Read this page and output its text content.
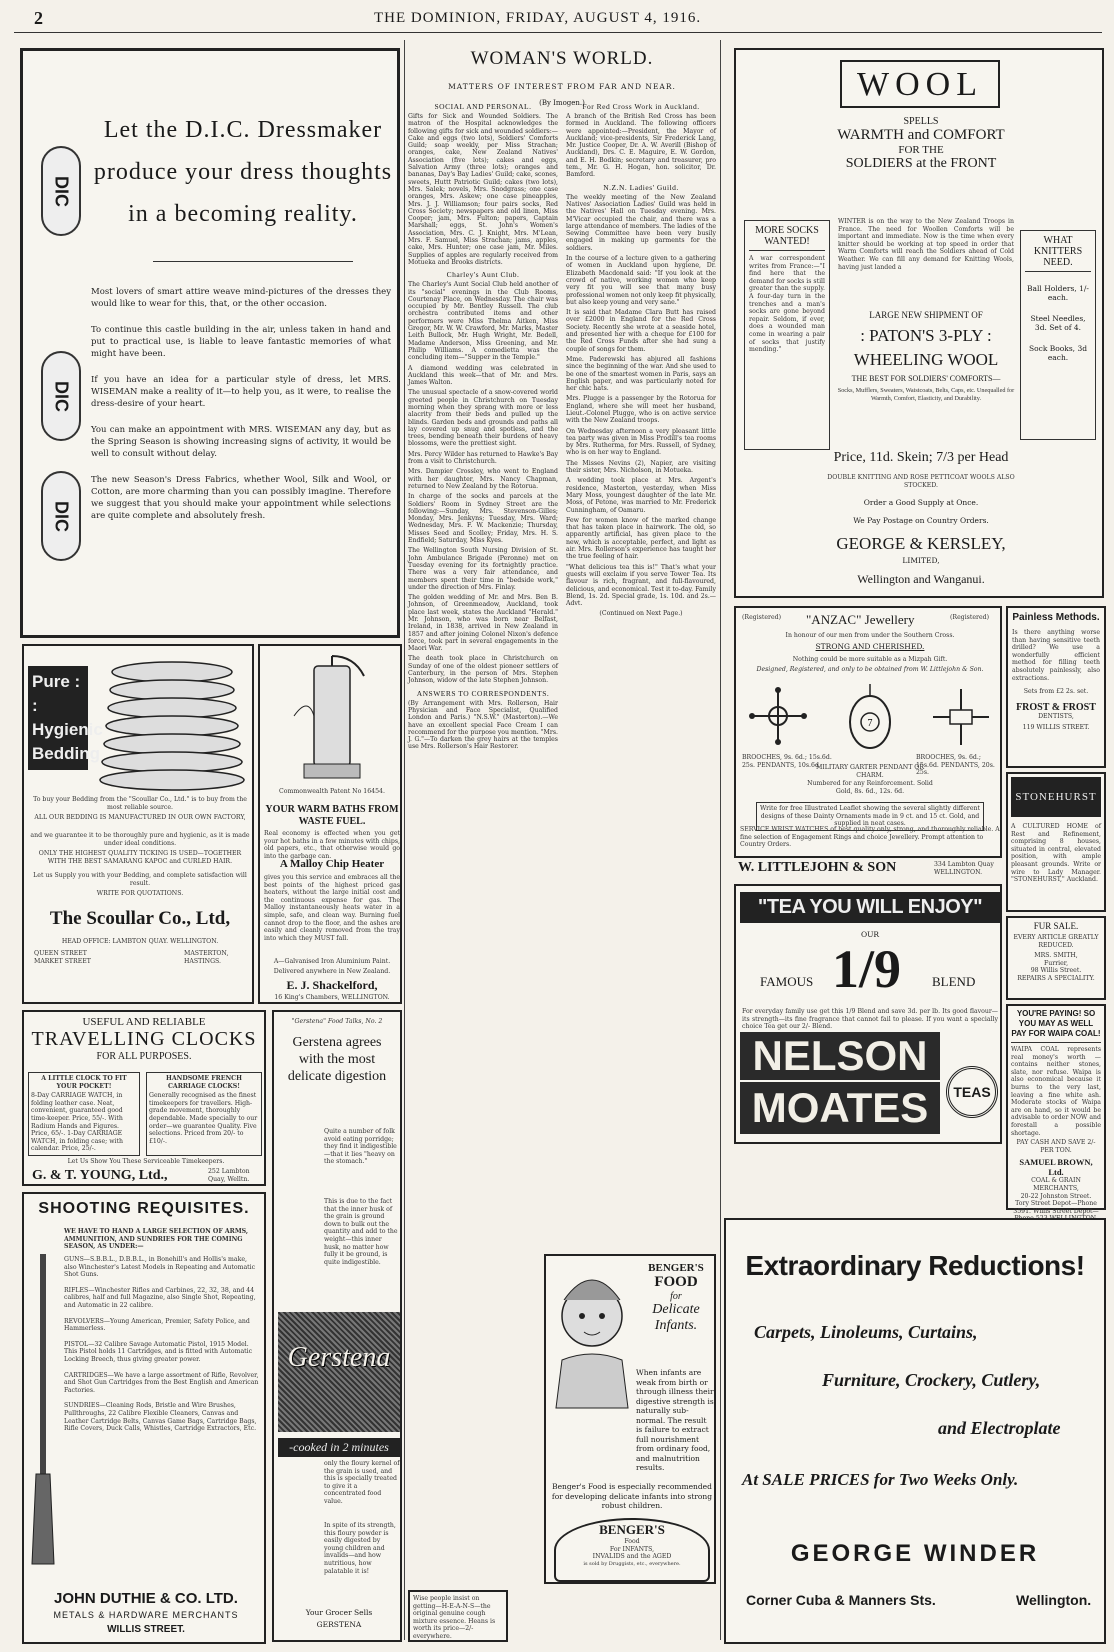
2	THE DOMINION, FRIDAY, AUGUST 4, 1916.
Let the D.I.C. Dressmaker
produce your dress thoughts
in a becoming reality.
DIC
DIC
DIC

Most lovers of smart attire weave mind-pictures of the dresses they would like to wear for this, that, or the other occasion.

To continue this castle building in the air, unless taken in hand and put to practical use, is liable to leave fantastic memories of what might have been.

If you have an idea for a particular style of dress, let MRS. WISEMAN make a reality of it—to help you, as it were, to realise the dress-desire of your heart.

You can make an appointment with MRS. WISEMAN any day, but as the Spring Season is showing increasing signs of activity, it would be well to consult without delay.

The new Season's Dress Fabrics, whether Wool, Silk and Wool, or Cotton, are more charming than you can possibly imagine. Therefore we suggest that you should make your appointment while selections are quite complete and absolutely fresh.

WOMAN'S WORLD.
MATTERS OF INTEREST FROM FAR AND NEAR.
(By Imogen.)
SOCIAL AND PERSONAL.

Gifts for Sick and Wounded Soldiers. The matron of the Hospital acknowledges the following gifts for sick and wounded soldiers:—Cake and eggs (two lots), Soldiers' Comforts Guild; soap weekly, per Miss Strachan; oranges, cake, New Zealand Natives' Association (five lots); cakes and eggs, Salvation Army (three lots); oranges and bananas, Day's Bay Ladies' Guild; cake, scones, sweets, Huttt Patriotic Guild; cakes (two lots), Mrs. Salek; novels, Mrs. Snodgrass; one case oranges, Mrs. Askew; one case pineapples, Mrs. J. J. Williamson; four pairs socks, Red Cross Society; newspapers and old linen, Miss Cooper; jam, Mrs. Fulton; papers, Captain Marshall; eggs, St. John's Women's Association, Mrs. C. J. Knight, Mrs. M'Lean, Mrs. F. Samuel, Miss Strachan; jams, apples, cake, Mrs. Hunter; one case jam, Mr. Miles. Supplies of apples are regularly received from Motueka and Brooks districts.

Charley's Aunt Club.

The Charley's Aunt Social Club held another of its "social" evenings in the Club Rooms, Courtenay Place, on Wednesday. The chair was occupied by Mr. Bentley Russell. The club orchestra contributed items and other performers were Miss Thelma Aitken, Miss Gregor, Mr. W. W. Crawford, Mr. Marks, Master Leith Bullock, Mr. Hugh Wright, Mr. Bedell, Madame Anderson, Miss Greening, and Mr. Philip Williams. A comedietta was the concluding item—"Supper in the Temple."

A diamond wedding was celebrated in Auckland this week—that of Mr. and Mrs. James Walton.

The unusual spectacle of a snow-covered world greeted people in Christchurch on Tuesday morning when they sprang with more or less alacrity from their beds and pulled up the blinds. Garden beds and grounds and paths all lay covered up snug and spotless, and the trees, bending beneath their burdens of heavy blossoms, were the prettiest sight.

Mrs. Percy Wilder has returned to Hawke's Bay from a visit to Christchurch.

Mrs. Dampier Crossley, who went to England with her daughter, Mrs. Nancy Chapman, returned to New Zealand by the Rotorua.

In charge of the socks and parcels at the Soldiers' Room in Sydney Street are the following:—Sunday, Mrs. Stevenson-Gilles; Monday, Mrs. Jenkyns; Tuesday, Mrs. Ward; Wednesday, Mrs. F. W. Mackenzie; Thursday, Misses Seed and Scolley; Friday, Mrs. H. S. Endfield; Saturday, Miss Kyes.

The Wellington South Nursing Division of St. John Ambulance Brigade (Peronne) met on Tuesday evening for its fortnightly practice. There was a very fair attendance, and members spent their time in "bedside work," under the direction of Mrs. Finlay.

The golden wedding of Mr. and Mrs. Ben B. Johnson, of Greenmeadow, Auckland, took place last week, states the Auckland "Herald." Mr. Johnson, who was born near Belfast, Ireland, in 1838, arrived in New Zealand in 1857 and after joining Colonel Nixon's defence force, took part in several engagements in the Maori War.

The death took place in Christchurch on Sunday of one of the oldest pioneer settlers of Canterbury, in the person of Mrs. Stephen Johnson, widow of the late Stephen Johnson.

ANSWERS TO CORRESPONDENTS.

(By Arrangement with Mrs. Rollerson, Hair Physician and Face Specialist, Qualified London and Paris.) "N.S.W." (Masterton).—We have an excellent special Face Cream I can recommend for the purpose you mention. "Mrs. J. G."—To darken the grey hairs at the temples use Mrs. Rollerson's Hair Restorer.

For Red Cross Work in Auckland.

A branch of the British Red Cross has been formed in Auckland. The following officers were appointed:—President, the Mayor of Auckland; vice-presidents, Sir Frederick Lang, Mr. Justice Cooper, Dr. A. W. Averill (Bishop of Auckland), Drs. C. E. Maguire, E. W. Gordon, and E. H. Bodkin; secretary and treasurer, pro tem., Mr. G. H. Hogan, hon. solicitor, Dr. Bamford.

N.Z.N. Ladies' Guild.

The weekly meeting of the New Zealand Natives' Association Ladies' Guild was held in the Natives' Hall on Tuesday evening. Mrs. M'Vicar occupied the chair, and there was a large attendance of members. The ladies of the Sewing Committee have been very busily engaged in making up garments for the soldiers.

In the course of a lecture given to a gathering of women in Auckland upon hygiene, Dr. Elizabeth Macdonald said: "If you look at the crowd of native, working women who keep very fit you will see that many busy professional women not only keep fit physically, but also keep young and very sane."

It is said that Madame Clara Butt has raised over £2000 in England for the Red Cross Society. Recently she wrote at a seaside hotel, and presented her with a cheque for £100 for the Red Cross Funds after she had sung a couple of songs for them.

Mme. Paderewski has abjured all fashions since the beginning of the war. And she used to be one of the smartest women in Paris, says an English paper, and was particularly noted for her chic hats.

Mrs. Plugge is a passenger by the Rotorua for England, where she will meet her husband, Lieut.-Colonel Plugge, who is on active service with the New Zealand troops.

On Wednesday afternoon a very pleasant little tea party was given in Miss Prodill's tea rooms by Mrs. Rutherma, for Mrs. Russell, of Sydney, who is on her way to England.

The Misses Nevins (2), Napier, are visiting their sister, Mrs. Nicholson, in Motueka.

A wedding took place at Mrs. Argent's residence, Masterton, yesterday, when Miss Mary Moss, youngest daughter of the late Mr. Moss, of Petone, was married to Mr. Frederick Cunningham, of Oamaru.

Few for women know of the marked change that has taken place in hairwork. The old, so apparently artificial, has given place to the new, which is acceptable, perfect, and light as air. Mrs. Rollerson's experience has taught her the true feeling of hair.

"What delicious tea this is!" That's what your guests will exclaim if you serve Tower Tea. Its flavour is rich, fragrant, and full-flavoured, delicious, and economical. Test it to-day. Family Blend, 1s. 2d. Special grade, 1s. 10d. and 2s.—Advt.

(Continued on Next Page.)

WOOL
SPELLS
WARMTH and COMFORT
FOR THE
SOLDIERS at the FRONT
MORE SOCKS WANTED!
A war correspondent writes from France:—"I find here that the demand for socks is still greater than the supply. A four-day turn in the trenches and a man's socks are gone beyond repair. Seldom, if ever, does a wounded man come in wearing a pair of socks that justify mending."
WHAT KNITTERS NEED.
Ball Holders, 1/- each.
Steel Needles, 3d. Set of 4.
Sock Books, 3d each.
WINTER is on the way to the New Zealand Troops in France. The need for Woollen Comforts will be important and immediate. Now is the time when every knitter should be working at top speed in order that Warm Comforts will reach the Soldiers ahead of Cold Weather. We can fill any demand for Knitting Wools, having just landed a
LARGE NEW SHIPMENT OF
: PATON'S 3-PLY :
WHEELING WOOL
THE BEST FOR SOLDIERS' COMFORTS—
Socks, Mufflers, Sweaters, Waistcoats, Belts, Caps, etc. Unequalled for Warmth, Comfort, Elasticity, and Durability.
Price, 11d. Skein; 7/3 per Head
DOUBLE KNITTING AND ROSE PETTICOAT WOOLS ALSO STOCKED.
Order a Good Supply at Once.
We Pay Postage on Country Orders.
GEORGE & KERSLEY,
LIMITED,
Wellington and Wanganui.
(Registered) "ANZAC" Jewellery	(Registered)
In honour of our men from under the Southern Cross.
STRONG AND CHERISHED.
Nothing could be more suitable as a Mizpah Gift.
Designed, Registered, and only to be obtained from W. Littlejohn & Son.
7
BROOCHES, 9s. 6d.; 15s.6d. 25s. PENDANTS, 10s.6d.
BROOCHES, 9s. 6d.; 15s.6d. PENDANTS, 20s. 25s.
MILITARY GARTER PENDANT OR CHARM.
Numbered for any Reinforcement. Solid Gold, 8s. 6d., 12s. 6d.
Write for free Illustrated Leaflet showing the several slightly different designs of these Dainty Ornaments made in 9 ct. and 15 ct. Gold, and supplied in neat cases.
SERVICE WRIST WATCHES of best quality only, strong, and thoroughly reliable. A fine selection of Engagement Rings and choice Jewellery. Prompt attention to Country Orders.
W. LITTLEJOHN & SON	334 Lambton Quay WELLINGTON.
Painless Methods.
Is there anything worse than having sensitive teeth drilled? We use a wonderfully efficient method for filling teeth absolutely painlessly, also extractions.
Sets from £2 2s. set.
FROST & FROST
DENTISTS,
119 WILLIS STREET.
STONEHURST
A CULTURED HOME of Rest and Refinement, comprising 8 houses, situated in central, elevated position, with ample pleasant grounds. Write or wire to Lady Manager. "STONEHURST," Auckland.
FUR SALE.
EVERY ARTICLE GREATLY REDUCED.
MRS. SMITH,
Furrier,
98 Willis Street.
REPAIRS A SPECIALITY.
"TEA YOU WILL ENJOY"
OUR
FAMOUS 1/9 BLEND
For everyday family use get this 1/9 Blend and save 3d. per lb. Its good flavour—its strength—its fine fragrance that cannot fail to please. If you want a specially choice Tea get our 2/- Blend.
NELSON
MOATES	TEAS
YOU'RE PAYING! SO YOU MAY AS WELL PAY FOR WAIPA COAL!
WAIPA COAL represents real money's worth — contains neither stones, slate, nor refuse. Waipa is also economical because it burns to the very last, leaving a fine white ash. Moderate stocks of Waipa are on hand, so it would be advisable to order NOW and forestall a possible shortage.
PAY CASH AND SAVE 2/- PER TON.
SAMUEL BROWN, Ltd.
COAL & GRAIN MERCHANTS,
20-22 Johnston Street.
Tory Street Depot—Phone 3591. Willis Street Depot—
Pure : :
Hygienic
Bedding
To buy your Bedding from the "Scoullar Co., Ltd." is to buy from the most reliable source.
ALL OUR BEDDING IS MANUFACTURED IN OUR OWN FACTORY,
and we guarantee it to be thoroughly pure and hygienic, as it is made under ideal conditions.
ONLY THE HIGHEST QUALITY TICKING IS USED—TOGETHER WITH THE BEST SAMARANG KAPOC and CURLED HAIR.
Let us Supply you with your Bedding, and complete satisfaction will result.
WRITE FOR QUOTATIONS.
The Scoullar Co., Ltd,
HEAD OFFICE: LAMBTON QUAY. WELLINGTON.
QUEEN STREET MARKET STREET
MASTERTON, HASTINGS.
Commonwealth Patent No 16454.
YOUR WARM BATHS FROM WASTE FUEL.
Real economy is effected when you get your hot baths in a few minutes with chips, old papers, etc., that otherwise would go into the garbage can.
A Malloy Chip Heater
gives you this service and embraces all the best points of the highest priced gas heaters, without the large initial cost and the continuous expense for gas. The Malloy instantaneously heats water in a simple, safe, and clean way. Burning fuel cannot drop to the floor, and the ashes are easily and cleanly removed from the tray into which they MUST fall.
A—Galvanised Iron Aluminium Paint.
Delivered anywhere in New Zealand.
E. J. Shackelford,
16 King's Chambers, WELLINGTON.
USEFUL AND RELIABLE
TRAVELLING CLOCKS
FOR ALL PURPOSES.
A LITTLE CLOCK TO FIT YOUR POCKET!
8-Day CARRIAGE WATCH, in folding leather case. Neat, convenient, guaranteed good time-keeper. Price, 55/-. With Radium Hands and Figures. Price, 65/-. 1-Day CARRIAGE WATCH, in folding case; with calendar. Price, 25/-.
HANDSOME FRENCH CARRIAGE CLOCKS!
Generally recognised as the finest timekeepers for travellers. High-grade movement, thoroughly dependable. Made specially to our order—we guarantee Quality. Five selections. Priced from 20/- to £10/-.
Let Us Show You These Serviceable Timekeepers.
G. & T. YOUNG, Ltd.,	252 Lambton Quay, Welltn.
"Gerstena" Food Talks, No. 2
Gerstena agrees
with the most
delicate digestion
Quite a number of folk avoid eating porridge; they find it indigestible—that it lies "heavy on the stomach."
This is due to the fact that the inner husk of the grain is ground down to bulk out the quantity and add to the weight—this inner husk, no matter how fully it be ground, is quite indigestible.
Gerstena
-cooked in 2 minutes
only the floury kernel of the grain is used, and this is specially treated to give it a concentrated food value.
In spite of its strength, this floury powder is easily digested by young children and invalids—and how nutritious, how palatable it is!
Your Grocer Sells
GERSTENA
SHOOTING REQUISITES.
WE HAVE TO HAND A LARGE SELECTION OF ARMS, AMMUNITION, AND SUNDRIES FOR THE COMING SEASON, AS UNDER:—
GUNS—S.B.B.L., D.B.B.L., in Bonehill's and Hollis's make, also Winchester's Latest Models in Repeating and Automatic Shot Guns.
RIFLES—Winchester Rifles and Carbines, 22, 32, 38, and 44 calibres, half and full Magazine, also Single Shot, Repeating, and Automatic in 22 calibre.
REVOLVERS—Young American, Premier, Safety Police, and Hammerless.
PISTOL—32 Calibre Savage Automatic Pistol, 1915 Model. This Pistol holds 11 Cartridges, and is fitted with Automatic Locking Breech, thus giving greater power.
CARTRIDGES—We have a large assortment of Rifle, Revolver, and Shot Gun Cartridges from the Best English and American Factories.
SUNDRIES—Cleaning Rods, Bristle and Wire Brushes, Pullthroughs, 22 Calibre Flexible Cleaners, Canvas and Leather Cartridge Belts, Canvas Game Bags, Cartridge Bags, Rifle Covers, Duck Calls, Whistles, Cartridge Extractors, Etc.
JOHN DUTHIE & CO. LTD.
METALS & HARDWARE MERCHANTS
WILLIS STREET.
BENGER'S
FOOD
for
Delicate
Infants.
When infants are weak from birth or through illness their digestive strength is naturally sub-normal. The result is failure to extract full nourishment from ordinary food, and malnutrition results.
Benger's Food is especially recommended for developing delicate infants into strong robust children.
BENGER'S
Food
For INFANTS,
INVALIDS and the AGED
is sold by Druggists, etc., everywhere.
Wise people insist on getting—H-E-A-N-S—the original genuine cough mixture essence. Heans is worth its price—2/- everywhere.
Extraordinary Reductions!
Carpets, Linoleums, Curtains,
Furniture, Crockery, Cutlery,
and Electroplate
At SALE PRICES for Two Weeks Only.
GEORGE WINDER
Corner Cuba & Manners Sts.	Wellington.
